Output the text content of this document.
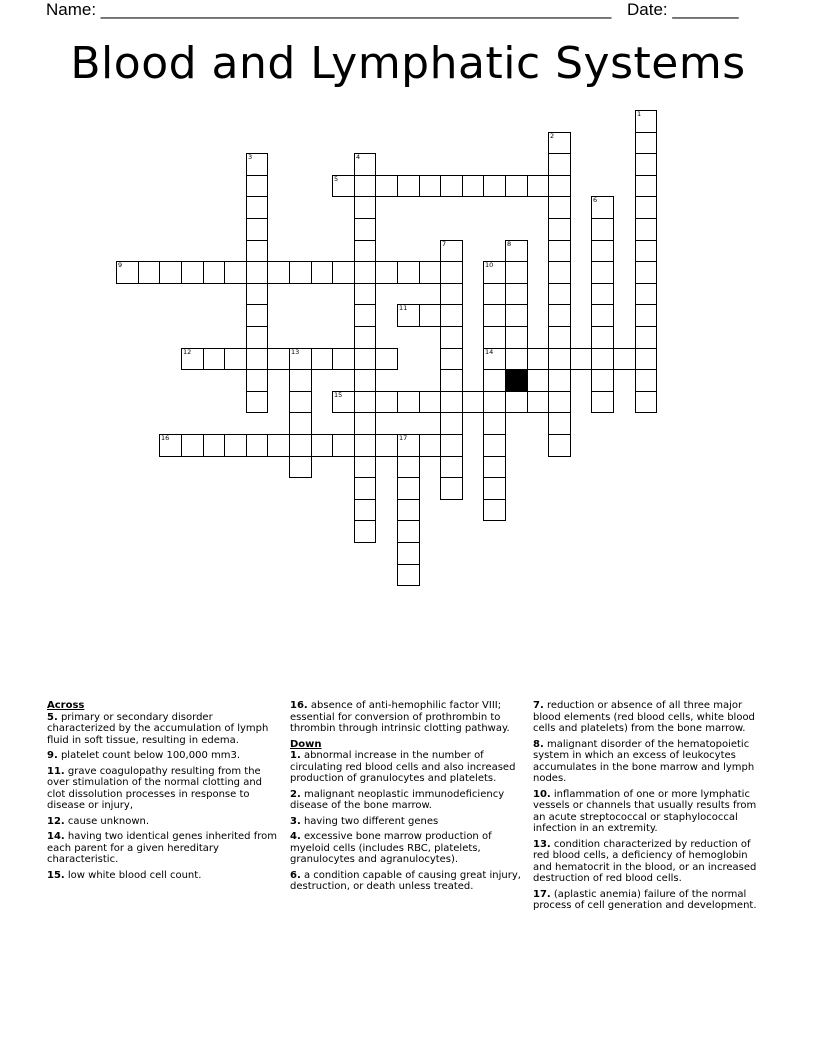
Name: ______________________________________________________ Date: _______
Blood and Lymphatic Systems
1
2
3	4
5
6
7	8
9	10
14
11
12	13
15
16	17
Across
5. primary or secondary disorder characterized by the accumulation of lymph fluid in soft tissue, resulting in edema.
9. platelet count below 100,000 mm3.
11. grave coagulopathy resulting from the over stimulation of the normal clotting and clot dissolution processes in response to disease or injury,
12. cause unknown.
14. having two identical genes inherited from each parent for a given hereditary characteristic.
15. low white blood cell count.
16. absence of anti-hemophilic factor VIII; essential for conversion of prothrombin to thrombin through intrinsic clotting pathway.
Down
1. abnormal increase in the number of circulating red blood cells and also increased production of granulocytes and platelets.
2. malignant neoplastic immunodeficiency disease of the bone marrow.
3. having two different genes
4. excessive bone marrow production of myeloid cells (includes RBC, platelets, granulocytes and agranulocytes).
6. a condition capable of causing great injury, destruction, or death unless treated.
7. reduction or absence of all three major blood elements (red blood cells, white blood cells and platelets) from the bone marrow.
8. malignant disorder of the hematopoietic system in which an excess of leukocytes accumulates in the bone marrow and lymph nodes.
10. inflammation of one or more lymphatic vessels or channels that usually results from an acute streptococcal or staphylococcal infection in an extremity.
13. condition characterized by reduction of red blood cells, a deficiency of hemoglobin and hematocrit in the blood, or an increased destruction of red blood cells.
17. (aplastic anemia) failure of the normal process of cell generation and development.
